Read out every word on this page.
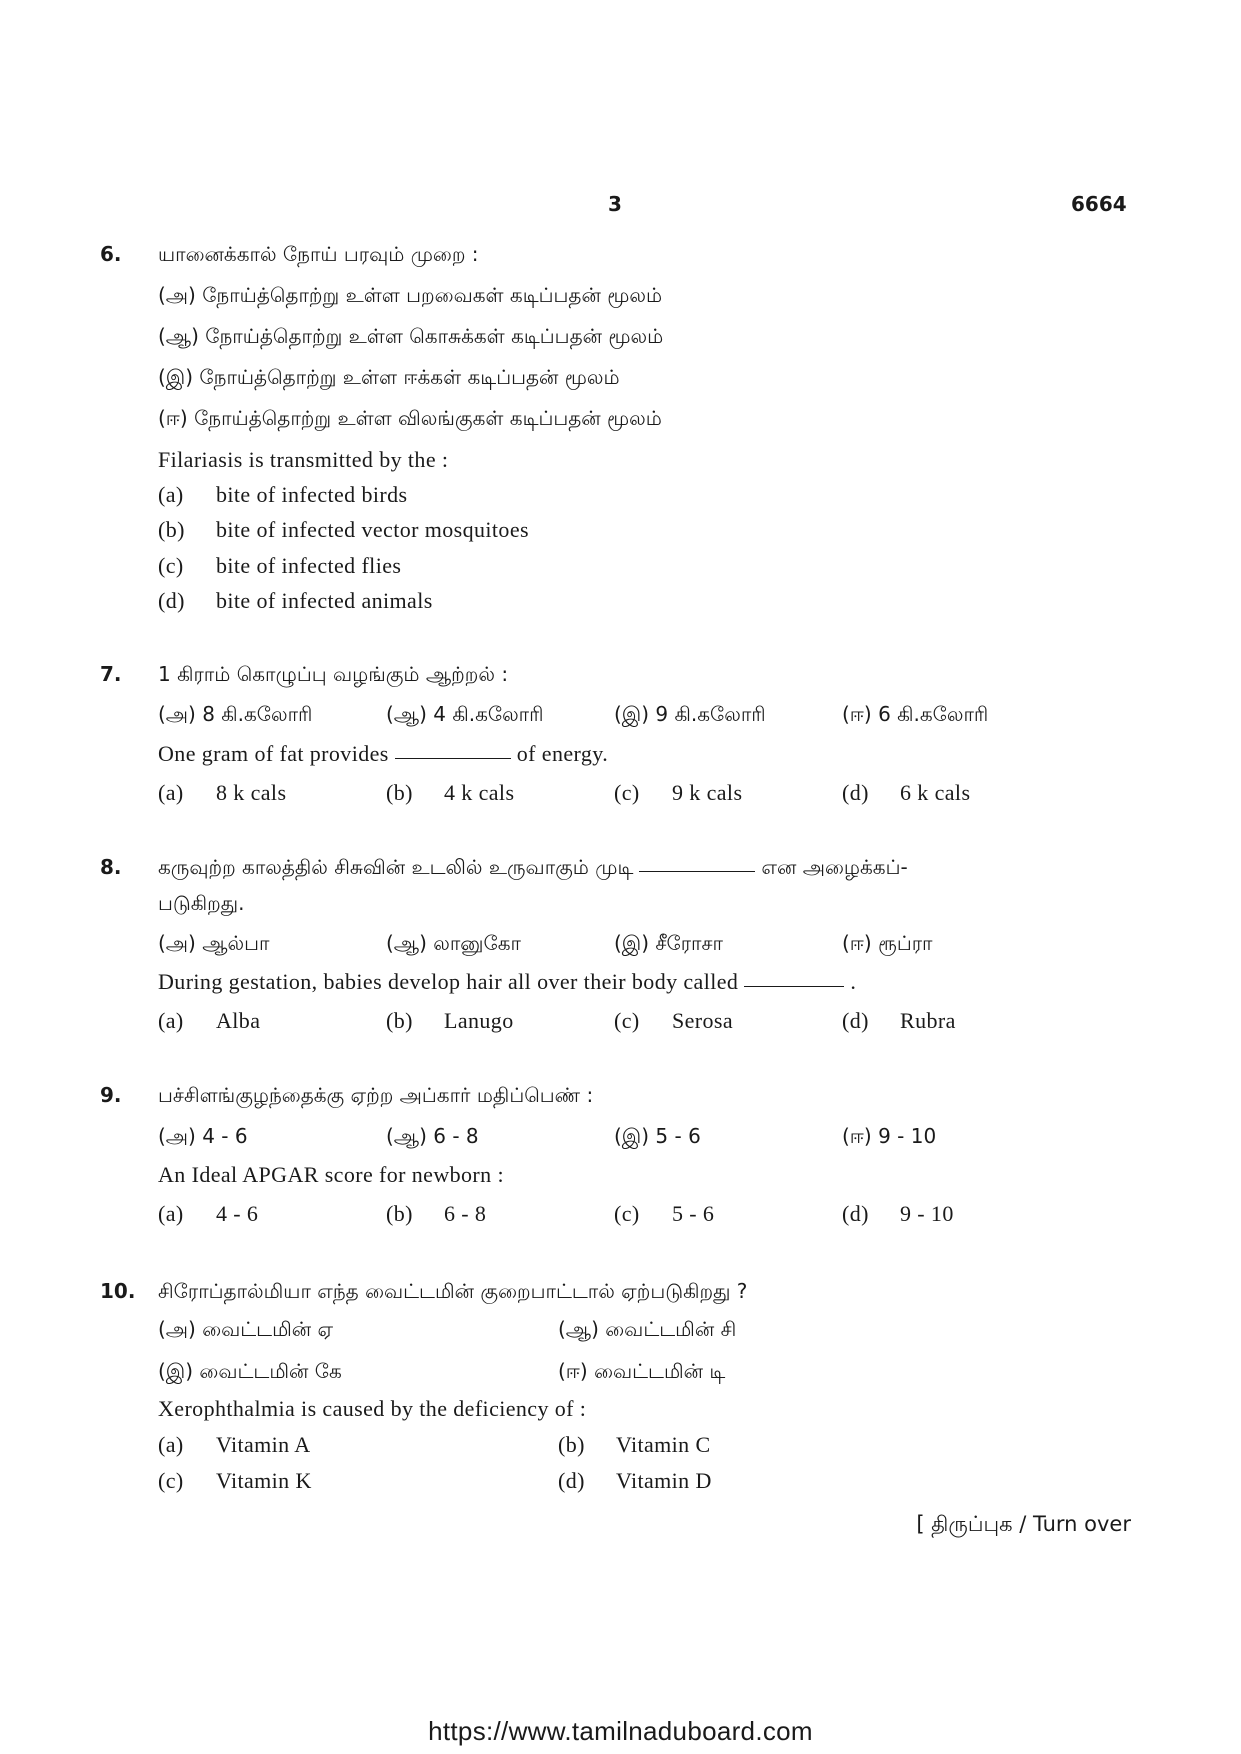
3	6664
6. யானைக்கால் நோய் பரவும் முறை :
(அ) நோய்த்தொற்று உள்ள பறவைகள் கடிப்பதன் மூலம்
(ஆ) நோய்த்தொற்று உள்ள கொசுக்கள் கடிப்பதன் மூலம்
(இ) நோய்த்தொற்று உள்ள ஈக்கள் கடிப்பதன் மூலம்
(ஈ) நோய்த்தொற்று உள்ள விலங்குகள் கடிப்பதன் மூலம்
Filariasis is transmitted by the :
(a) bite of infected birds
(b) bite of infected vector mosquitoes
(c) bite of infected flies
(d) bite of infected animals
7. 1 கிராம் கொழுப்பு வழங்கும் ஆற்றல் :
(அ) 8 கி.கலோரி	(ஆ) 4 கி.கலோரி	(இ) 9 கி.கலோரி	(ஈ) 6 கி.கலோரி
One gram of fat provides	of energy.
(a) 8 k cals	(b) 4 k cals	(c) 9 k cals	(d) 6 k cals
8. கருவுற்ற காலத்தில் சிசுவின் உடலில் உருவாகும் முடி	என அழைக்கப்-
படுகிறது.
(அ) ஆல்பா	(ஆ) லானுகோ	(இ) சீரோசா	(ஈ) ரூப்ரா
During gestation, babies develop hair all over their body called	.
(a) Alba	(b) Lanugo	(c) Serosa	(d) Rubra
9. பச்சிளங்குழந்தைக்கு ஏற்ற அப்கார் மதிப்பெண் :
(அ) 4 - 6	(ஆ) 6 - 8	(இ) 5 - 6	(ஈ) 9 - 10
An Ideal APGAR score for newborn :
(a) 4 - 6	(b) 6 - 8	(c) 5 - 6	(d) 9 - 10
10. சிரோப்தால்மியா எந்த வைட்டமின் குறைபாட்டால் ஏற்படுகிறது ?
(அ) வைட்டமின் ஏ	(ஆ) வைட்டமின் சி
(இ) வைட்டமின் கே	(ஈ) வைட்டமின் டி
Xerophthalmia is caused by the deficiency of :
(a) Vitamin A	(b) Vitamin C
(c) Vitamin K	(d) Vitamin D
[ திருப்புக / Turn over
https://www.tamilnaduboard.com
